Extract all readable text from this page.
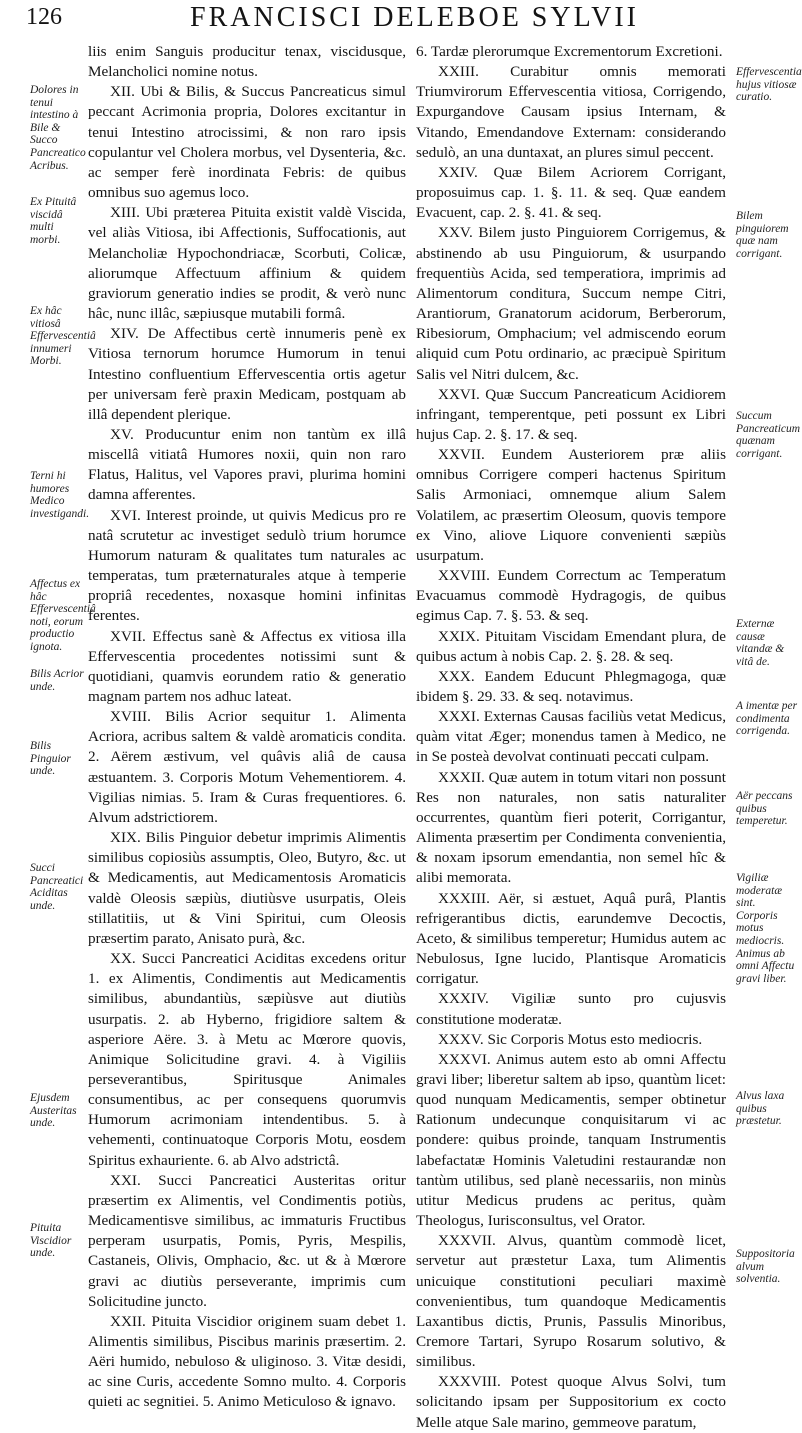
126	FRANCISCI DELEBOE SYLVII

Dolores in tenui intestino à Bile & Succo Pancreatico Acribus.

Ex Pituitâ viscidâ multi morbi.

Ex hâc vitiosâ Effervescentiâ innumeri Morbi.

Terni hi humores Medico investigandi.

Affectus ex hâc Effervescentiâ noti, eorum productio ignota.

Bilis Acrior unde.

Bilis Pinguior unde.

Succi Pancreatici Aciditas unde.

Ejusdem Austeritas unde.

Pituita Viscidior unde.

liis enim Sanguis producitur tenax, viscidusque, Melancholici nomine notus.

XII. Ubi & Bilis, & Succus Pancreaticus simul peccant Acrimonia propria, Dolores excitantur in tenui Intestino atrocissimi, & non raro ipsis copulantur vel Cholera morbus, vel Dysenteria, &c. ac semper ferè inordinata Febris: de quibus omnibus suo agemus loco.

XIII. Ubi præterea Pituita existit valdè Viscida, vel aliàs Vitiosa, ibi Affectionis, Suffocationis, aut Melancholiæ Hypochondriacæ, Scorbuti, Colicæ, aliorumque Affectuum affinium & quidem graviorum generatio indies se prodit, & verò nunc hâc, nunc illâc, sæpiusque mutabili formâ.

XIV. De Affectibus certè innumeris penè ex Vitiosa ternorum horumce Humorum in tenui Intestino confluentium Effervescentia ortis agetur per universam ferè praxin Medicam, postquam ab illâ dependent plerique.

XV. Producuntur enim non tantùm ex illâ miscellâ vitiatâ Humores noxii, quin non raro Flatus, Halitus, vel Vapores pravi, plurima homini damna afferentes.

XVI. Interest proinde, ut quivis Medicus pro re natâ scrutetur ac investiget sedulò trium horumce Humorum naturam & qualitates tum naturales ac temperatas, tum præternaturales atque à temperie propriâ recedentes, noxasque homini infinitas ferentes.

XVII. Effectus sanè & Affectus ex vitiosa illa Effervescentia procedentes notissimi sunt & quotidiani, quamvis eorundem ratio & generatio magnam partem nos adhuc lateat.

XVIII. Bilis Acrior sequitur 1. Alimenta Acriora, acribus saltem & valdè aromaticis condita. 2. Aërem æstivum, vel quâvis aliâ de causa æstuantem. 3. Corporis Motum Vehementiorem. 4. Vigilias nimias. 5. Iram & Curas frequentiores. 6. Alvum adstrictiorem.

XIX. Bilis Pinguior debetur imprimis Alimentis similibus copiosiùs assumptis, Oleo, Butyro, &c. ut & Medicamentis, aut Medicamentosis Aromaticis valdè Oleosis sæpiùs, diutiùsve usurpatis, Oleis stillatitiis, ut & Vini Spiritui, cum Oleosis præsertim parato, Anisato purà, &c.

XX. Succi Pancreatici Aciditas excedens oritur 1. ex Alimentis, Condimentis aut Medicamentis similibus, abundantiùs, sæpiùsve aut diutiùs usurpatis. 2. ab Hyberno, frigidiore saltem & asperiore Aëre. 3. à Metu ac Mœrore quovis, Animique Solicitudine gravi. 4. à Vigiliis perseverantibus, Spiritusque Animales consumentibus, ac per consequens quorumvis Humorum acrimoniam intendentibus. 5. à vehementi, continuatoque Corporis Motu, eosdem Spiritus exhaurientе. 6. ab Alvo adstrictâ.

XXI. Succi Pancreatici Austeritas oritur præsertim ex Alimentis, vel Condimentis potiùs, Medicamentisve similibus, ac immaturis Fructibus perperam usurpatis, Pomis, Pyris, Mespilis, Castaneis, Olivis, Omphacio, &c. ut & à Mœrore gravi ac diutiùs perseverante, imprimis cum Solicitudine juncto.

XXII. Pituita Viscidior originem suam debet 1. Alimentis similibus, Piscibus marinis præsertim. 2. Aëri humido, nebuloso & uliginoso. 3. Vitæ desidi, ac sine Curis, accedente Somno multo. 4. Corporis quieti ac segnitiei. 5. Animo Meticuloso & ignavo.

6. Tardæ plerorumque Excrementorum Excretioni.

XXIII. Curabitur omnis memorati Triumvirorum Effervescentia vitiosa, Corrigendo, Expurgandove Causam ipsius Internam, & Vitando, Emendandove Externam: considerando sedulò, an una duntaxat, an plures simul peccent.

XXIV. Quæ Bilem Acriorem Corrigant, proposuimus cap. 1. §. 11. & seq. Quæ eandem Evacuent, cap. 2. §. 41. & seq.

XXV. Bilem justo Pinguiorem Corrigemus, & abstinendo ab usu Pinguiorum, & usurpando frequentiùs Acida, sed temperatiora, imprimis ad Alimentorum conditura, Succum nempe Citri, Arantiorum, Granatorum acidorum, Berberorum, Ribesiorum, Omphacium; vel admiscendo eorum aliquid cum Potu ordinario, ac præcipuè Spiritum Salis vel Nitri dulcem, &c.

XXVI. Quæ Succum Pancreaticum Acidiorem infringant, temperentque, peti possunt ex Libri hujus Cap. 2. §. 17. & seq.

XXVII. Eundem Austeriorem præ aliis omnibus Corrigere comperi hactenus Spiritum Salis Armoniaci, omnemque alium Salem Volatilem, ac præsertim Oleosum, quovis tempore ex Vino, aliove Liquore convenienti sæpiùs usurpatum.

XXVIII. Eundem Correctum ac Temperatum Evacuamus commodè Hydragogis, de quibus egimus Cap. 7. §. 53. & seq.

XXIX. Pituitam Viscidam Emendant plura, de quibus actum à nobis Cap. 2. §. 28. & seq.

XXX. Eandem Educunt Phlegmagoga, quæ ibidem §. 29. 33. & seq. notavimus.

XXXI. Externas Causas faciliùs vetat Medicus, quàm vitat Æger; monendus tamen à Medico, ne in Se posteà devolvat continuati peccati culpam.

XXXII. Quæ autem in totum vitari non possunt Res non naturales, non satis naturaliter occurrentes, quantùm fieri poterit, Corrigantur, Alimenta præsertim per Condimenta convenientia, & noxam ipsorum emendantia, non semel hîc & alibi memorata.

XXXIII. Aër, si æstuet, Aquâ purâ, Plantis refrigerantibus dictis, earundemve Decoctis, Aceto, & similibus temperetur; Humidus autem ac Nebulosus, Igne lucido, Plantisque Aromaticis corrigatur.

XXXIV. Vigiliæ sunto pro cujusvis constitutione moderatæ.

XXXV. Sic Corporis Motus esto mediocris.

XXXVI. Animus autem esto ab omni Affectu gravi liber; liberetur saltem ab ipso, quantùm licet: quod nunquam Medicamentis, semper obtinetur Rationum undecunque conquisitarum vi ac pondere: quibus proinde, tanquam Instrumentis labefactatæ Hominis Valetudini restaurandæ non tantùm utilibus, sed planè necessariis, non minùs utitur Medicus prudens ac peritus, quàm Theologus, Iurisconsultus, vel Orator.

XXXVII. Alvus, quantùm commodè licet, servetur aut præstetur Laxa, tum Alimentis unicuique constitutioni peculiari maximè convenientibus, tum quandoque Medicamentis Laxantibus dictis, Prunis, Passulis Minoribus, Cremore Tartari, Syrupo Rosarum solutivo, & similibus.

XXXVIII. Potest quoque Alvus Solvi, tum solicitando ipsam per Suppositorium ex cocto Melle atque Sale marino, gemmeove paratum,

Effervescentia hujus vitiosæ curatio.

Bilem pinguiorem quæ nam corrigant.

Succum Pancreaticum quænam corrigant.

Externæ causæ vitandæ & vitâ de.

A imentæ per condimenta corrigenda.

Aër peccans quibus temperetur.

Vigiliæ moderatæ sint. Corporis motus mediocris. Animus ab omni Affectu gravi liber.

Alvus laxa quibus præstetur.

Suppositoria alvum solventia.
